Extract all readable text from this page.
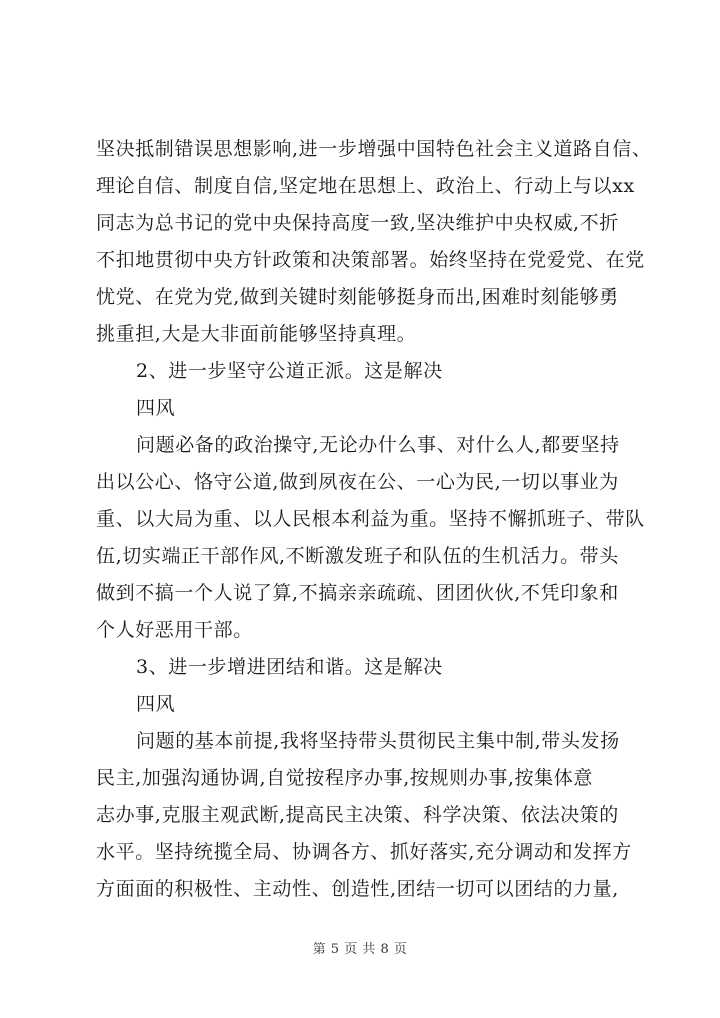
坚决抵制错误思想影响,进一步增强中国特色社会主义道路自信、
理论自信、制度自信,坚定地在思想上、政治上、行动上与以xx
同志为总书记的党中央保持高度一致,坚决维护中央权威,不折
不扣地贯彻中央方针政策和决策部署。始终坚持在党爱党、在党
忧党、在党为党,做到关键时刻能够挺身而出,困难时刻能够勇
挑重担,大是大非面前能够坚持真理。
2、进一步坚守公道正派。这是解决
四风
问题必备的政治操守,无论办什么事、对什么人,都要坚持
出以公心、恪守公道,做到夙夜在公、一心为民,一切以事业为
重、以大局为重、以人民根本利益为重。坚持不懈抓班子、带队
伍,切实端正干部作风,不断激发班子和队伍的生机活力。带头
做到不搞一个人说了算,不搞亲亲疏疏、团团伙伙,不凭印象和
个人好恶用干部。
3、进一步增进团结和谐。这是解决
四风
问题的基本前提,我将坚持带头贯彻民主集中制,带头发扬
民主,加强沟通协调,自觉按程序办事,按规则办事,按集体意
志办事,克服主观武断,提高民主决策、科学决策、依法决策的
水平。坚持统揽全局、协调各方、抓好落实,充分调动和发挥方
方面面的积极性、主动性、创造性,团结一切可以团结的力量,
第 5 页 共 8 页
